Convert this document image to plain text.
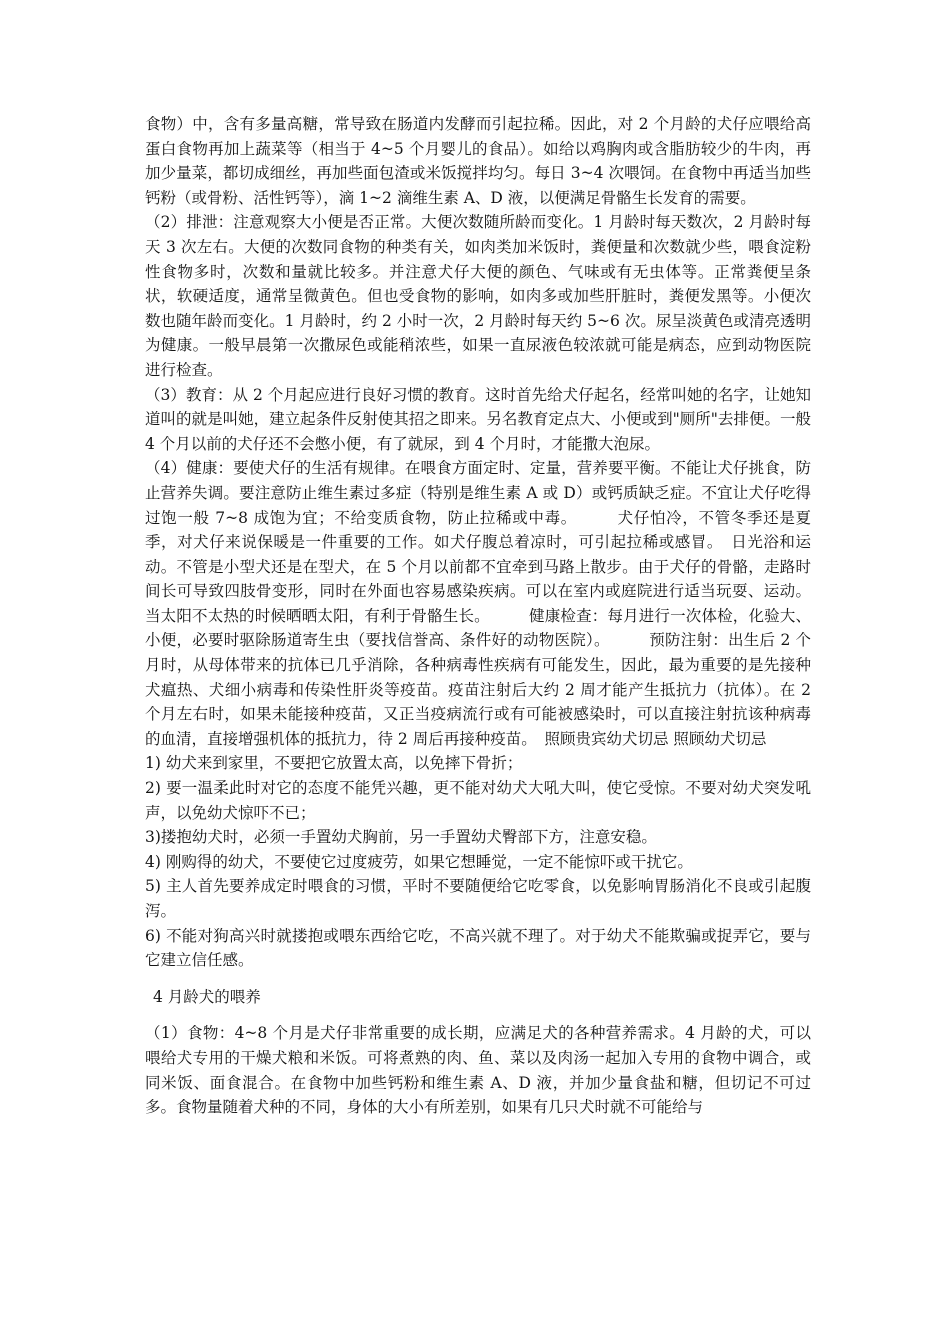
食物）中，含有多量高糖，常导致在肠道内发酵而引起拉稀。因此，对 2 个月龄的犬仔应喂给高蛋白食物再加上蔬菜等（相当于 4~5 个月婴儿的食品）。如给以鸡胸肉或含脂肪较少的牛肉，再加少量菜，都切成细丝，再加些面包渣或米饭搅拌均匀。每日 3~4 次喂饲。在食物中再适当加些钙粉（或骨粉、活性钙等），滴 1~2 滴维生素 A、D 液，以便满足骨骼生长发育的需要。

（2）排泄：注意观察大小便是否正常。大便次数随所龄而变化。1 月龄时每天数次，2 月龄时每天 3 次左右。大便的次数同食物的种类有关，如肉类加米饭时，粪便量和次数就少些，喂食淀粉性食物多时，次数和量就比较多。并注意犬仔大便的颜色、气味或有无虫体等。正常粪便呈条状，软硬适度，通常呈微黄色。但也受食物的影响，如肉多或加些肝脏时，粪便发黑等。小便次数也随年龄而变化。1 月龄时，约 2 小时一次，2 月龄时每天约 5~6 次。尿呈淡黄色或清亮透明为健康。一般早晨第一次撒尿色或能稍浓些，如果一直尿液色较浓就可能是病态，应到动物医院进行检查。

（3）教育：从 2 个月起应进行良好习惯的教育。这时首先给犬仔起名，经常叫她的名字，让她知道叫的就是叫她，建立起条件反射使其招之即来。另名教育定点大、小便或到"厕所"去排便。一般 4 个月以前的犬仔还不会憋小便，有了就尿，到 4 个月时，才能撒大泡尿。

（4）健康：要使犬仔的生活有规律。在喂食方面定时、定量，营养要平衡。不能让犬仔挑食，防止营养失调。要注意防止维生素过多症（特别是维生素 A 或 D）或钙质缺乏症。不宜让犬仔吃得过饱一般 7~8 成饱为宜；不给变质食物，防止拉稀或中毒。　　　犬仔怕冷，不管冬季还是夏季，对犬仔来说保暖是一件重要的工作。如犬仔腹总着凉时，可引起拉稀或感冒。　日光浴和运动。不管是小型犬还是在型犬，在 5 个月以前都不宜牵到马路上散步。由于犬仔的骨骼，走路时间长可导致四肢骨变形，同时在外面也容易感染疾病。可以在室内或庭院进行适当玩耍、运动。当太阳不太热的时候晒晒太阳，有利于骨骼生长。　　　健康检查：每月进行一次体检，化验大、小便，必要时驱除肠道寄生虫（要找信誉高、条件好的动物医院）。　　　预防注射：出生后 2 个月时，从母体带来的抗体已几乎消除，各种病毒性疾病有可能发生，因此，最为重要的是先接种犬瘟热、犬细小病毒和传染性肝炎等疫苗。疫苗注射后大约 2 周才能产生抵抗力（抗体）。在 2 个月左右时，如果未能接种疫苗，又正当疫病流行或有可能被感染时，可以直接注射抗该种病毒的血清，直接增强机体的抵抗力，待 2 周后再接种疫苗。　照顾贵宾幼犬切忌 照顾幼犬切忌

1) 幼犬来到家里，不要把它放置太高，以免摔下骨折；

2) 要一温柔此时对它的态度不能凭兴趣，更不能对幼犬大吼大叫，使它受惊。不要对幼犬突发吼声，以免幼犬惊吓不已；

3)搂抱幼犬时，必须一手置幼犬胸前，另一手置幼犬臀部下方，注意安稳。

4) 刚购得的幼犬，不要使它过度疲劳，如果它想睡觉，一定不能惊吓或干扰它。

5) 主人首先要养成定时喂食的习惯，平时不要随便给它吃零食，以免影响胃肠消化不良或引起腹泻。

6) 不能对狗高兴时就搂抱或喂东西给它吃，不高兴就不理了。对于幼犬不能欺骗或捉弄它，要与它建立信任感。

4 月龄犬的喂养

（1）食物：4~8 个月是犬仔非常重要的成长期，应满足犬的各种营养需求。4 月龄的犬，可以喂给犬专用的干燥犬粮和米饭。可将煮熟的肉、鱼、菜以及肉汤一起加入专用的食物中调合，或同米饭、面食混合。在食物中加些钙粉和维生素 A、D 液，并加少量食盐和糖，但切记不可过多。食物量随着犬种的不同，身体的大小有所差别，如果有几只犬时就不可能给与
